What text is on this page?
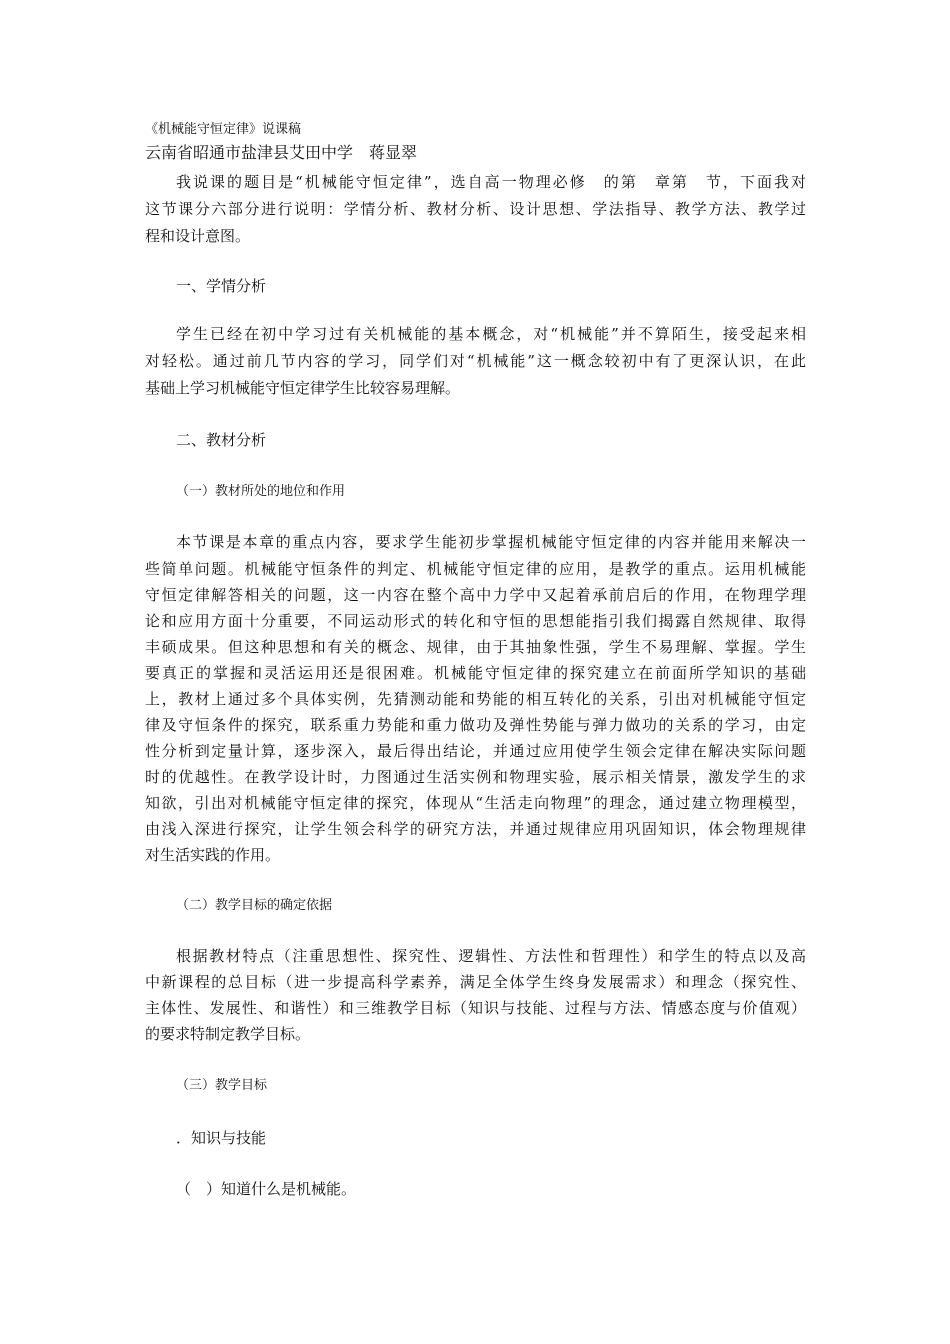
《机械能守恒定律》说课稿
云南省昭通市盐津县艾田中学　蒋显翠
我说课的题目是“机械能守恒定律”，选自高一物理必修　的第　章第　节，下面我对
这节课分六部分进行说明：学情分析、教材分析、设计思想、学法指导、教学方法、教学过
程和设计意图。
一、学情分析
学生已经在初中学习过有关机械能的基本概念，对“机械能”并不算陌生，接受起来相
对轻松。通过前几节内容的学习，同学们对“机械能”这一概念较初中有了更深认识，在此
基础上学习机械能守恒定律学生比较容易理解。
二、教材分析
（一）教材所处的地位和作用
本节课是本章的重点内容，要求学生能初步掌握机械能守恒定律的内容并能用来解决一
些简单问题。机械能守恒条件的判定、机械能守恒定律的应用，是教学的重点。运用机械能
守恒定律解答相关的问题，这一内容在整个高中力学中又起着承前启后的作用，在物理学理
论和应用方面十分重要，不同运动形式的转化和守恒的思想能指引我们揭露自然规律、取得
丰硕成果。但这种思想和有关的概念、规律，由于其抽象性强，学生不易理解、掌握。学生
要真正的掌握和灵活运用还是很困难。机械能守恒定律的探究建立在前面所学知识的基础
上，教材上通过多个具体实例，先猜测动能和势能的相互转化的关系，引出对机械能守恒定
律及守恒条件的探究，联系重力势能和重力做功及弹性势能与弹力做功的关系的学习，由定
性分析到定量计算，逐步深入，最后得出结论，并通过应用使学生领会定律在解决实际问题
时的优越性。在教学设计时，力图通过生活实例和物理实验，展示相关情景，激发学生的求
知欲，引出对机械能守恒定律的探究，体现从“生活走向物理”的理念，通过建立物理模型，
由浅入深进行探究，让学生领会科学的研究方法，并通过规律应用巩固知识，体会物理规律
对生活实践的作用。
（二）教学目标的确定依据
根据教材特点（注重思想性、探究性、逻辑性、方法性和哲理性）和学生的特点以及高
中新课程的总目标（进一步提高科学素养，满足全体学生终身发展需求）和理念（探究性、
主体性、发展性、和谐性）和三维教学目标（知识与技能、过程与方法、情感态度与价值观）
的要求特制定教学目标。
（三）教学目标
．知识与技能
（　）知道什么是机械能。
